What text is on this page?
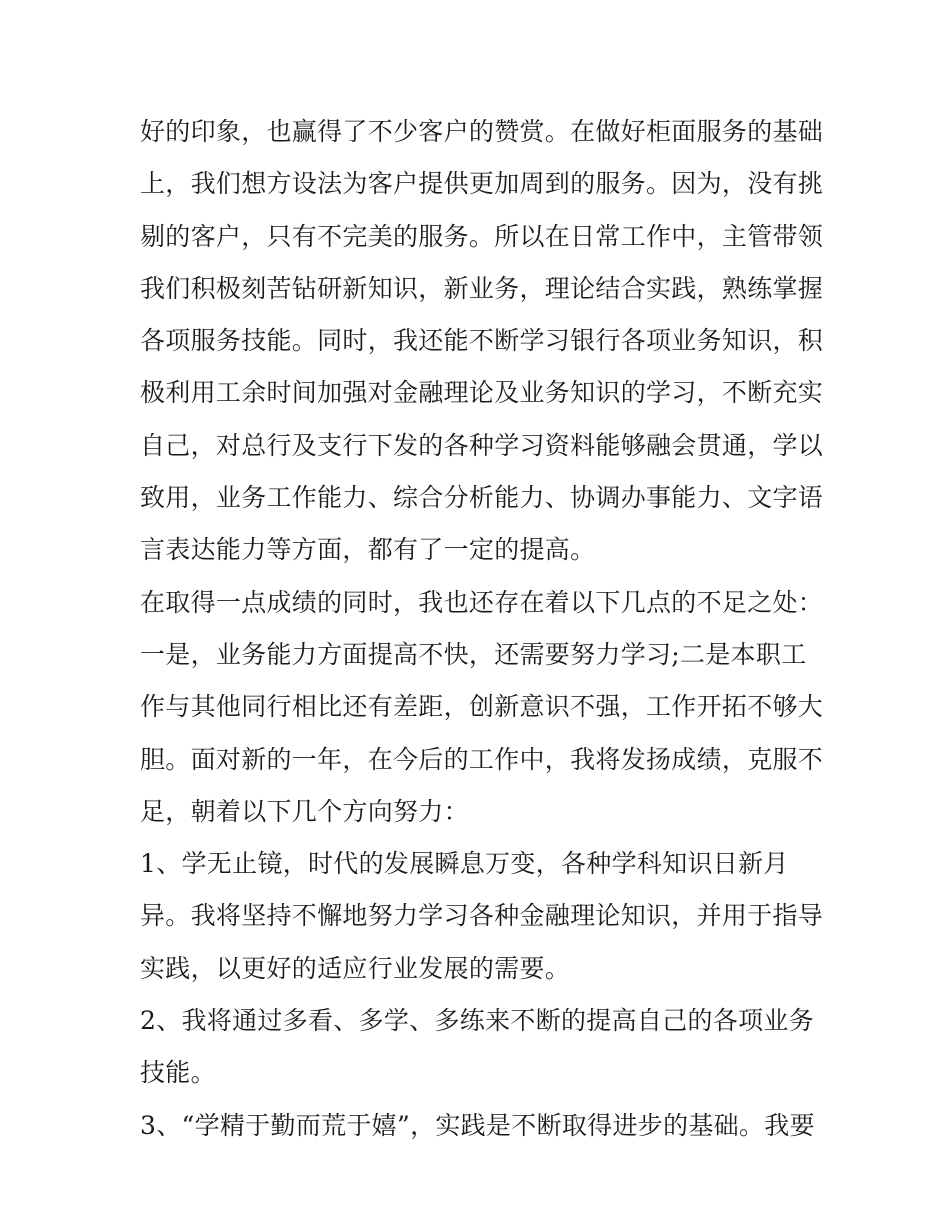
好的印象，也赢得了不少客户的赞赏。在做好柜面服务的基础
上，我们想方设法为客户提供更加周到的服务。因为，没有挑
剔的客户，只有不完美的服务。所以在日常工作中，主管带领
我们积极刻苦钻研新知识，新业务，理论结合实践，熟练掌握
各项服务技能。同时，我还能不断学习银行各项业务知识，积
极利用工余时间加强对金融理论及业务知识的学习，不断充实
自己，对总行及支行下发的各种学习资料能够融会贯通，学以
致用，业务工作能力、综合分析能力、协调办事能力、文字语
言表达能力等方面，都有了一定的提高。
在取得一点成绩的同时，我也还存在着以下几点的不足之处：
一是，业务能力方面提高不快，还需要努力学习;二是本职工
作与其他同行相比还有差距，创新意识不强，工作开拓不够大
胆。面对新的一年，在今后的工作中，我将发扬成绩，克服不
足，朝着以下几个方向努力：
1、学无止镜，时代的发展瞬息万变，各种学科知识日新月
异。我将坚持不懈地努力学习各种金融理论知识，并用于指导
实践，以更好的适应行业发展的需要。
2、我将通过多看、多学、多练来不断的提高自己的各项业务
技能。
3、“学精于勤而荒于嬉”，实践是不断取得进步的基础。我要
